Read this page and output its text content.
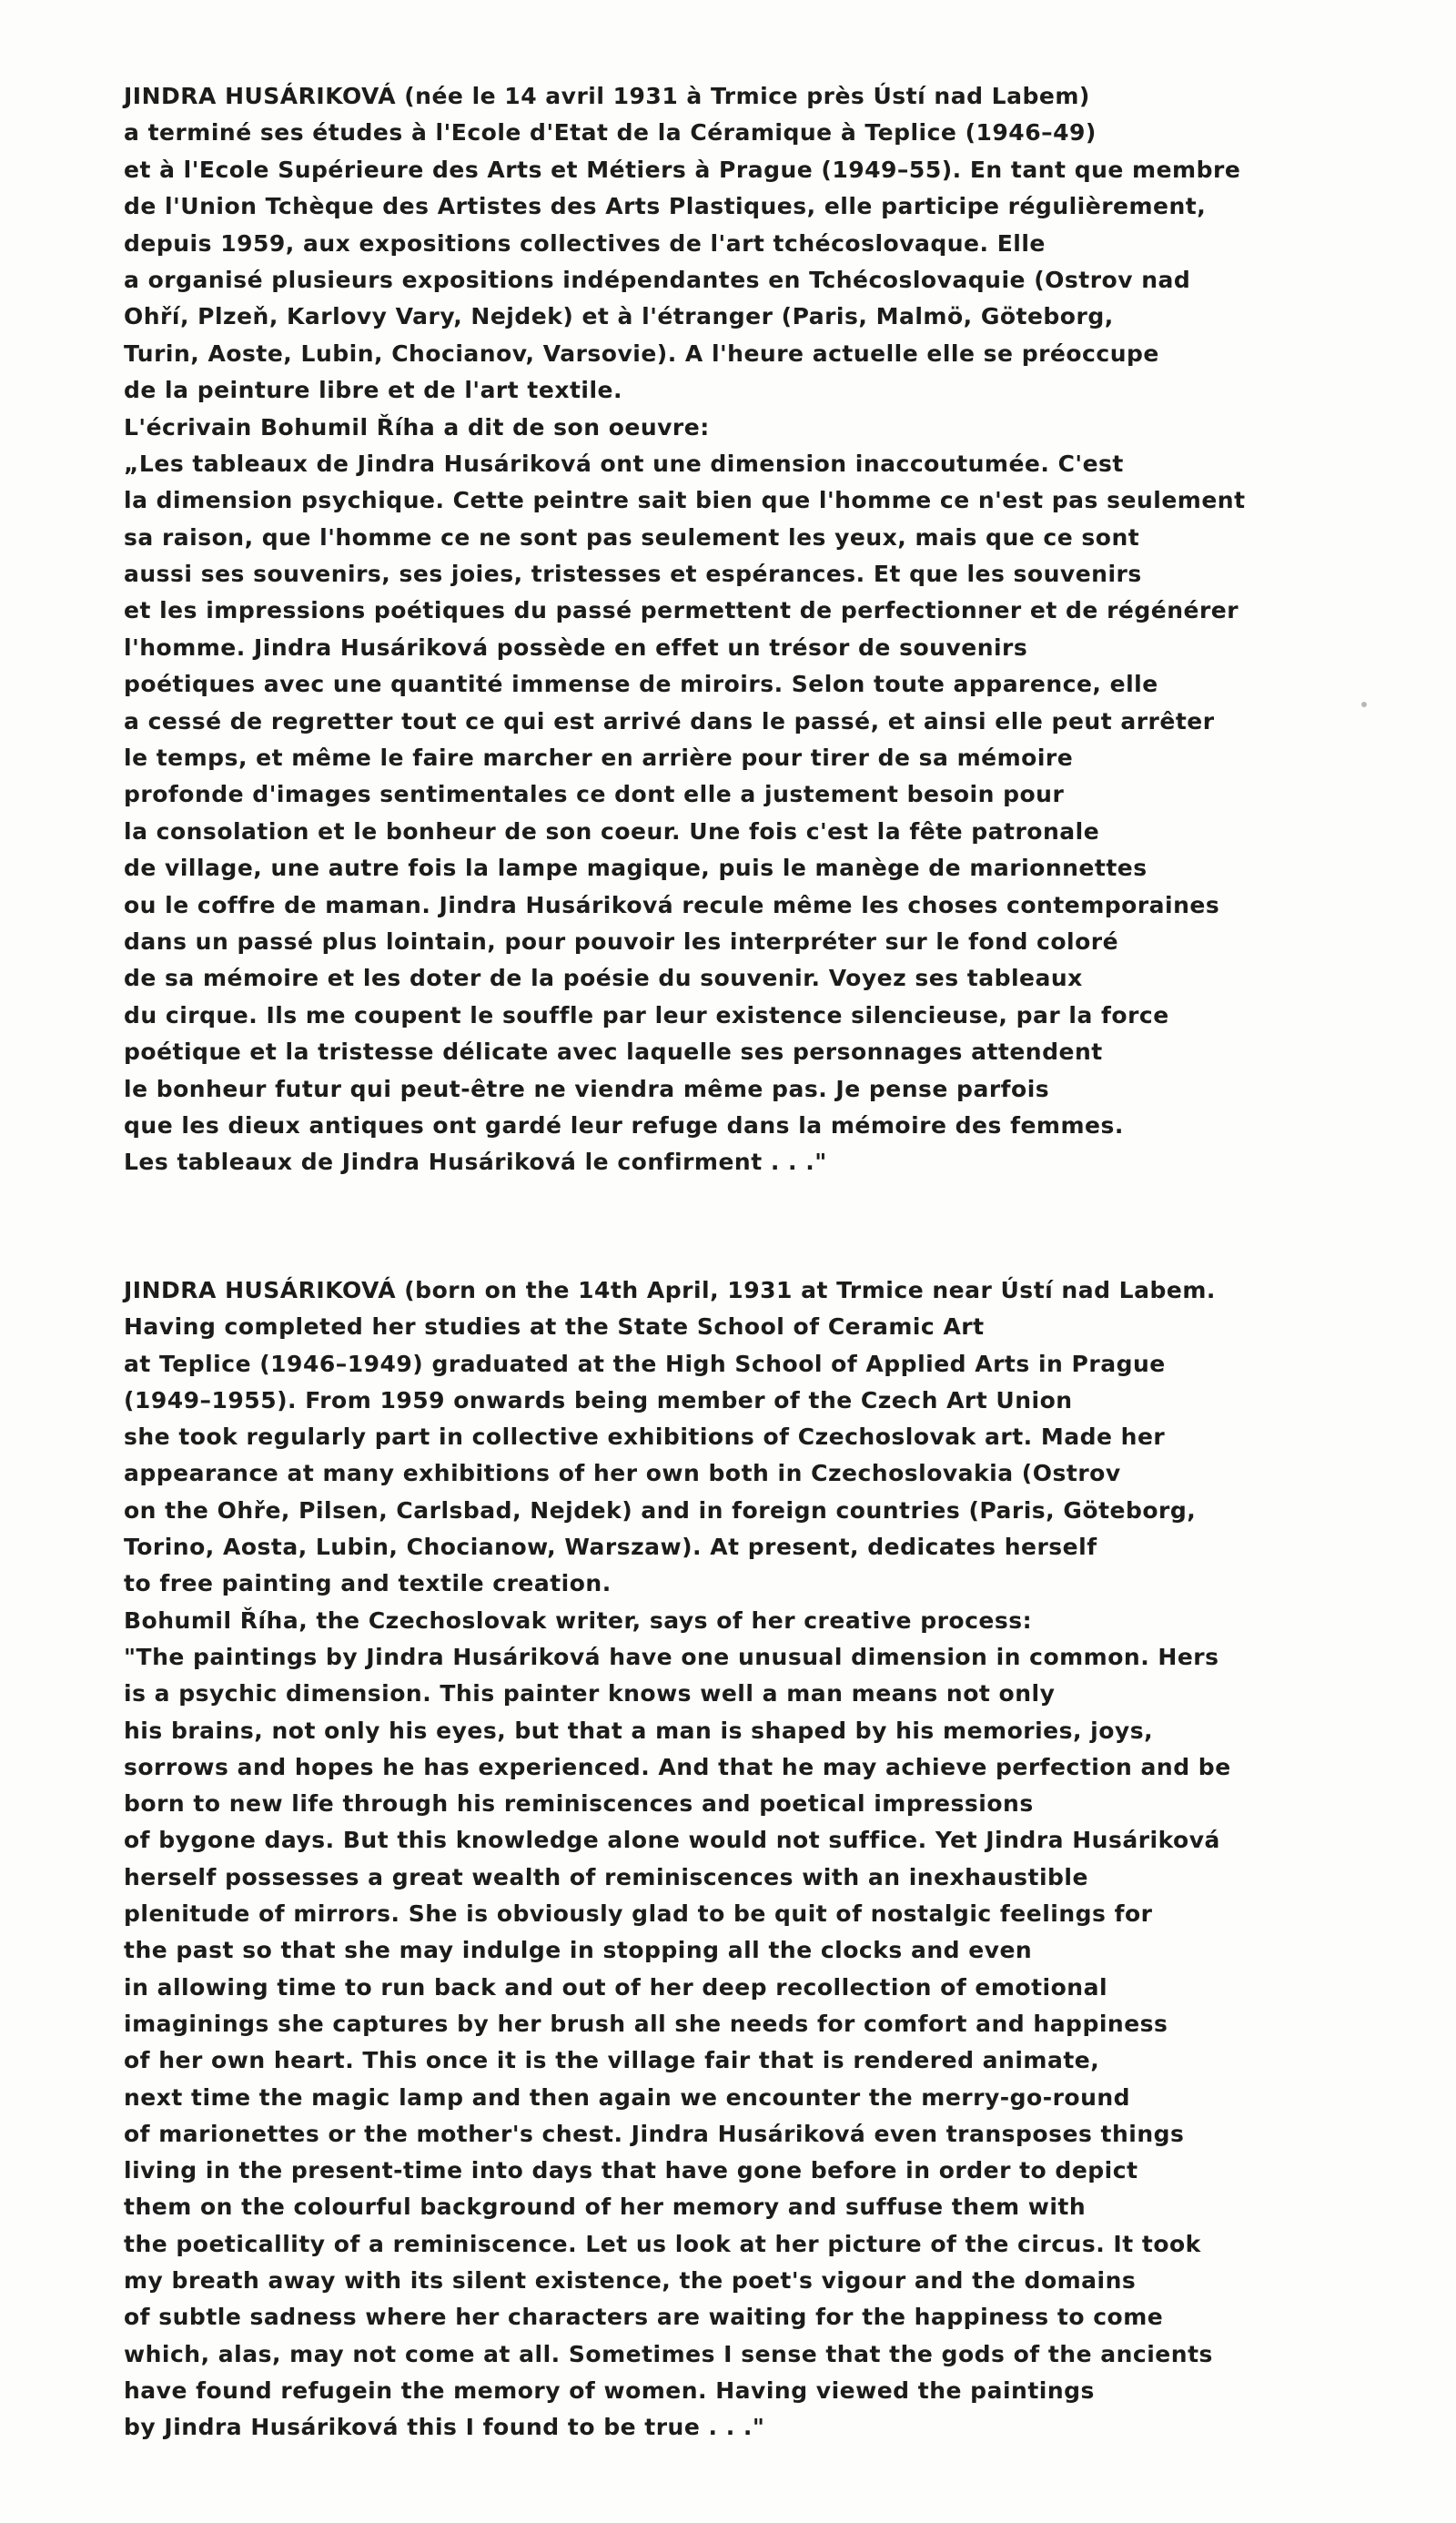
JINDRA HUSÁRIKOVÁ (née le 14 avril 1931 à Trmice près Ústí nad Labem)
a terminé ses études à l'Ecole d'Etat de la Céramique à Teplice (1946–49)
et à l'Ecole Supérieure des Arts et Métiers à Prague (1949–55). En tant que membre
de l'Union Tchèque des Artistes des Arts Plastiques, elle participe régulièrement,
depuis 1959, aux expositions collectives de l'art tchécoslovaque. Elle
a organisé plusieurs expositions indépendantes en Tchécoslovaquie (Ostrov nad
Ohří, Plzeň, Karlovy Vary, Nejdek) et à l'étranger (Paris, Malmö, Göteborg,
Turin, Aoste, Lubin, Chocianov, Varsovie). A l'heure actuelle elle se préoccupe
de la peinture libre et de l'art textile.
L'écrivain Bohumil Říha a dit de son oeuvre:
„Les tableaux de Jindra Husáriková ont une dimension inaccoutumée. C'est
la dimension psychique. Cette peintre sait bien que l'homme ce n'est pas seulement
sa raison, que l'homme ce ne sont pas seulement les yeux, mais que ce sont
aussi ses souvenirs, ses joies, tristesses et espérances. Et que les souvenirs
et les impressions poétiques du passé permettent de perfectionner et de régénérer
l'homme. Jindra Husáriková possède en effet un trésor de souvenirs
poétiques avec une quantité immense de miroirs. Selon toute apparence, elle
a cessé de regretter tout ce qui est arrivé dans le passé, et ainsi elle peut arrêter
le temps, et même le faire marcher en arrière pour tirer de sa mémoire
profonde d'images sentimentales ce dont elle a justement besoin pour
la consolation et le bonheur de son coeur. Une fois c'est la fête patronale
de village, une autre fois la lampe magique, puis le manège de marionnettes
ou le coffre de maman. Jindra Husáriková recule même les choses contemporaines
dans un passé plus lointain, pour pouvoir les interpréter sur le fond coloré
de sa mémoire et les doter de la poésie du souvenir. Voyez ses tableaux
du cirque. Ils me coupent le souffle par leur existence silencieuse, par la force
poétique et la tristesse délicate avec laquelle ses personnages attendent
le bonheur futur qui peut-être ne viendra même pas. Je pense parfois
que les dieux antiques ont gardé leur refuge dans la mémoire des femmes.
Les tableaux de Jindra Husáriková le confirment . . ."
JINDRA HUSÁRIKOVÁ (born on the 14th April, 1931 at Trmice near Ústí nad Labem.
Having completed her studies at the State School of Ceramic Art
at Teplice (1946–1949) graduated at the High School of Applied Arts in Prague
(1949–1955). From 1959 onwards being member of the Czech Art Union
she took regularly part in collective exhibitions of Czechoslovak art. Made her
appearance at many exhibitions of her own both in Czechoslovakia (Ostrov
on the Ohře, Pilsen, Carlsbad, Nejdek) and in foreign countries (Paris, Göteborg,
Torino, Aosta, Lubin, Chocianow, Warszaw). At present, dedicates herself
to free painting and textile creation.
Bohumil Říha, the Czechoslovak writer, says of her creative process:
"The paintings by Jindra Husáriková have one unusual dimension in common. Hers
is a psychic dimension. This painter knows well a man means not only
his brains, not only his eyes, but that a man is shaped by his memories, joys,
sorrows and hopes he has experienced. And that he may achieve perfection and be
born to new life through his reminiscences and poetical impressions
of bygone days. But this knowledge alone would not suffice. Yet Jindra Husáriková
herself possesses a great wealth of reminiscences with an inexhaustible
plenitude of mirrors. She is obviously glad to be quit of nostalgic feelings for
the past so that she may indulge in stopping all the clocks and even
in allowing time to run back and out of her deep recollection of emotional
imaginings she captures by her brush all she needs for comfort and happiness
of her own heart. This once it is the village fair that is rendered animate,
next time the magic lamp and then again we encounter the merry-go-round
of marionettes or the mother's chest. Jindra Husáriková even transposes things
living in the present-time into days that have gone before in order to depict
them on the colourful background of her memory and suffuse them with
the poeticallity of a reminiscence. Let us look at her picture of the circus. It took
my breath away with its silent existence, the poet's vigour and the domains
of subtle sadness where her characters are waiting for the happiness to come
which, alas, may not come at all. Sometimes I sense that the gods of the ancients
have found refugein the memory of women. Having viewed the paintings
by Jindra Husáriková this I found to be true . . ."
